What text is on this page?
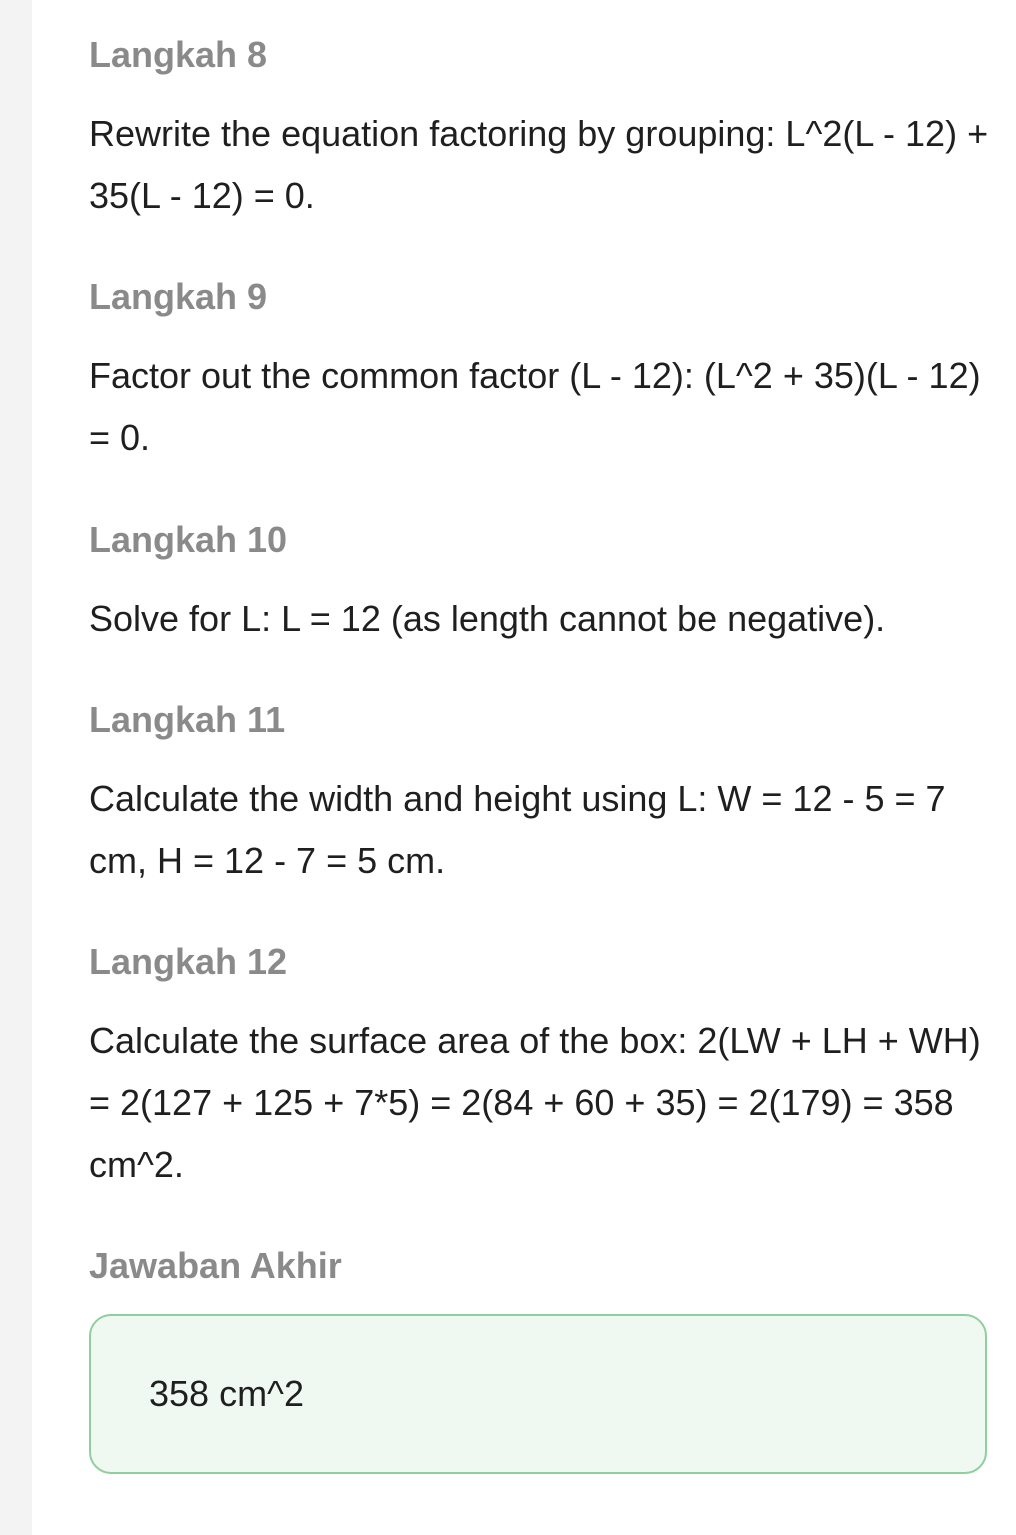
Langkah 8
Rewrite the equation factoring by grouping: L^2(L - 12) + 35(L - 12) = 0.
Langkah 9
Factor out the common factor (L - 12): (L^2 + 35)(L - 12) = 0.
Langkah 10
Solve for L: L = 12 (as length cannot be negative).
Langkah 11
Calculate the width and height using L: W = 12 - 5 = 7 cm, H = 12 - 7 = 5 cm.
Langkah 12
Calculate the surface area of the box: 2(LW + LH + WH) = 2(127 + 125 + 7*5) = 2(84 + 60 + 35) = 2(179) = 358 cm^2.
Jawaban Akhir
358 cm^2
